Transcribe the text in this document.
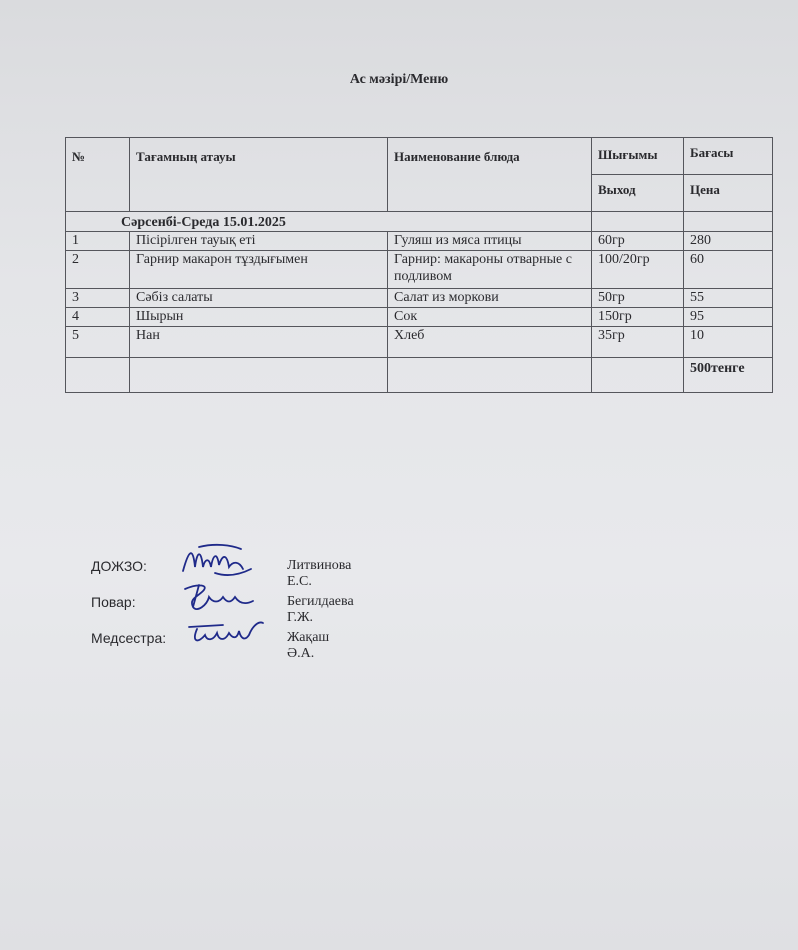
Ас мәзірі/Меню
№	Тағамның атауы	Наименование блюда	Шығымы	Бағасы
			Выход	Цена
Сәрсенбі-Среда 15.01.2025				
1	Пісірілген тауық еті	Гуляш из мяса птицы	60гр	280
2	Гарнир макарон тұздығымен	Гарнир: макароны отварные с подливом	100/20гр	60
3	Сәбіз салаты	Салат из моркови	50гр	55
4	Шырын	Сок	150гр	95
5	Нан	Хлеб	35гр	10
				500тенге
ДОЖЗО:	Литвинова Е.С.
Повар:	Бегилдаева Г.Ж.
Медсестра:	Жақаш Ә.А.
